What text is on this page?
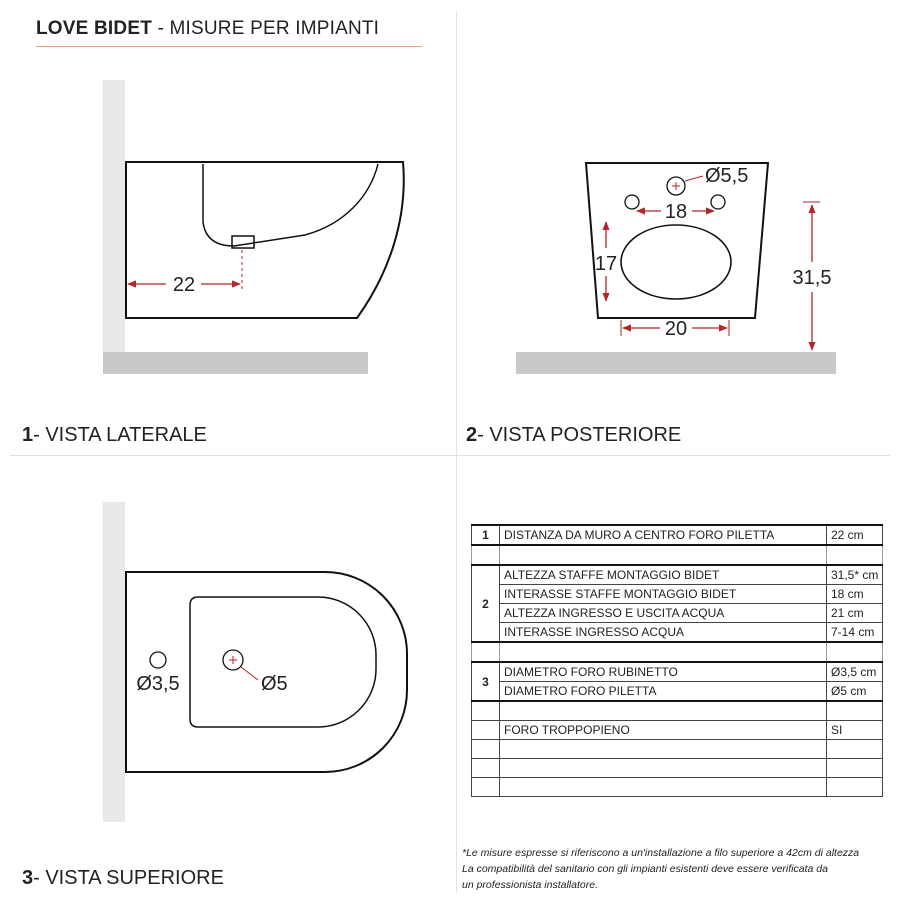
LOVE BIDET - MISURE PER IMPIANTI
22
Ø5,5
18
17
20
31,5
Ø3,5	Ø5
1- VISTA LATERALE	2- VISTA POSTERIORE
3- VISTA SUPERIORE
1	DISTANZA DA MURO A CENTRO FORO PILETTA	22 cm

2	ALTEZZA STAFFE MONTAGGIO BIDET	31,5* cm
	INTERASSE STAFFE MONTAGGIO BIDET	18 cm
	ALTEZZA INGRESSO E USCITA ACQUA	21 cm
	INTERASSE INGRESSO ACQUA	7-14 cm

3	DIAMETRO FORO RUBINETTO	Ø3,5 cm
	DIAMETRO FORO PILETTA	Ø5 cm

	FORO TROPPOPIENO	SI

*Le misure espresse si riferiscono a un'installazione a filo superiore a 42cm di altezza
La compatibilità del sanitario con gli impianti esistenti deve essere verificata da
un professionista installatore.
